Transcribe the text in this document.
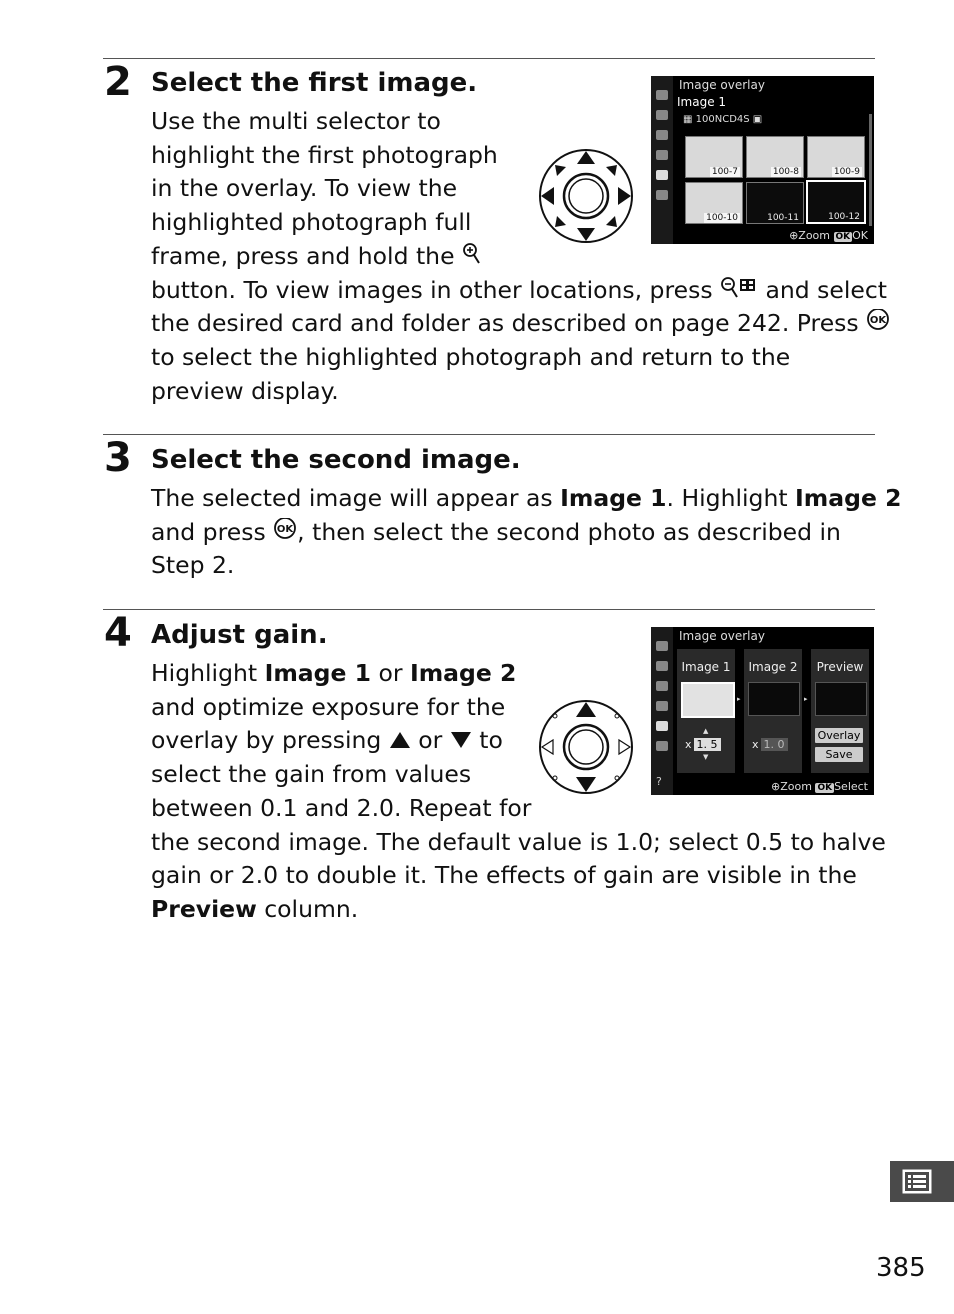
2 Select the first image.
Use the multi selector to
highlight the first photograph
in the overlay. To view the
highlighted photograph full
frame, press and hold the
button. To view images in other locations, press  and select
the desired card and folder as described on page 242. Press OK
to select the highlighted photograph and return to the
preview display.
Image overlay
Image 1
▦ 100NCD4S ▣
100-7	100-8	100-9
100-10	100-11	100-12
⊕Zoom OK OK
3 Select the second image.
The selected image will appear as Image 1. Highlight Image 2
and press OK , then select the second photo as described in
Step 2.
4 Adjust gain.
Highlight Image 1 or Image 2
and optimize exposure for the
overlay by pressing  or  to
select the gain from values
between 0.1 and 2.0. Repeat for
the second image. The default value is 1.0; select 0.5 to halve
gain or 2.0 to double it. The effects of gain are visible in the
Preview column.
?
Image overlay
Image 1
▲
x 1. 5
▼
▸
Image 2
x 1. 0
▸
Preview
Overlay
Save
⊕Zoom OK Select
385
